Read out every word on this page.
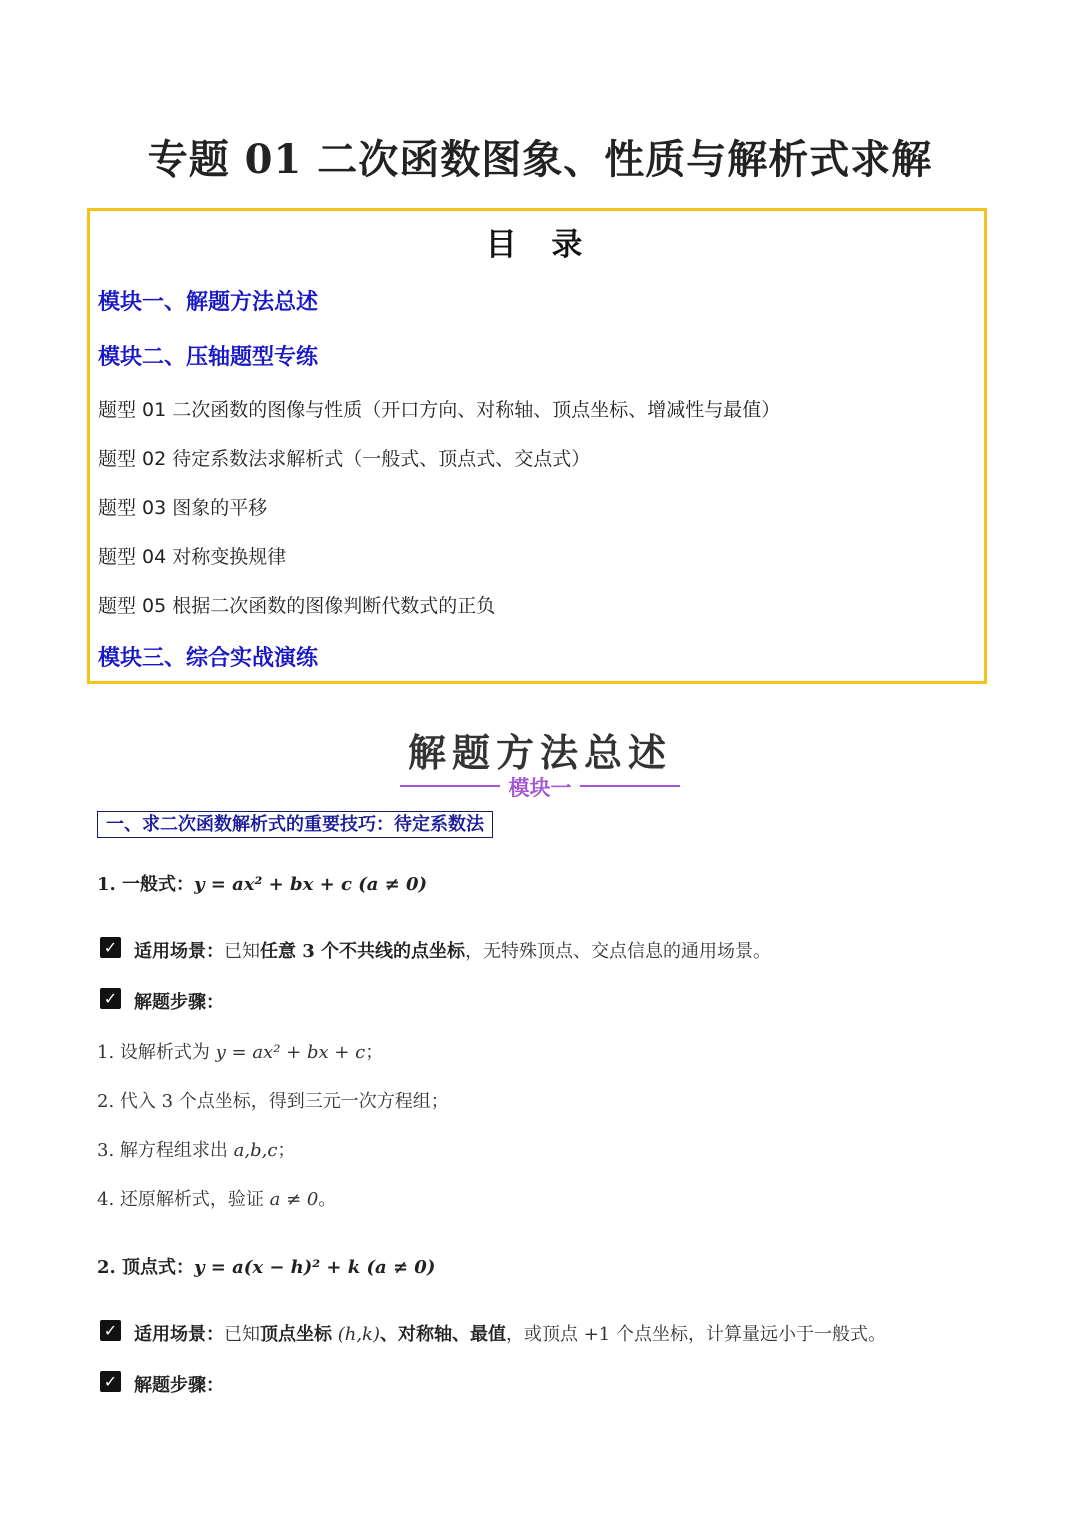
专题 01 二次函数图象、性质与解析式求解
目 录
模块一、解题方法总述
模块二、压轴题型专练
题型 01 二次函数的图像与性质（开口方向、对称轴、顶点坐标、增减性与最值）
题型 02 待定系数法求解析式（一般式、顶点式、交点式）
题型 03 图象的平移
题型 04 对称变换规律
题型 05 根据二次函数的图像判断代数式的正负
模块三、综合实战演练
解题方法总述
模块一
一、求二次函数解析式的重要技巧：待定系数法
1. 一般式：y = ax² + bx + c (a ≠ 0)
✓ 适用场景：已知任意 3 个不共线的点坐标，无特殊顶点、交点信息的通用场景。
✓ 解题步骤：
1. 设解析式为 y = ax² + bx + c；
2. 代入 3 个点坐标，得到三元一次方程组；
3. 解方程组求出 a,b,c；
4. 还原解析式，验证 a ≠ 0。
2. 顶点式：y = a(x − h)² + k (a ≠ 0)
✓ 适用场景：已知顶点坐标 (h,k)、对称轴、最值，或顶点 +1 个点坐标，计算量远小于一般式。
✓ 解题步骤：
